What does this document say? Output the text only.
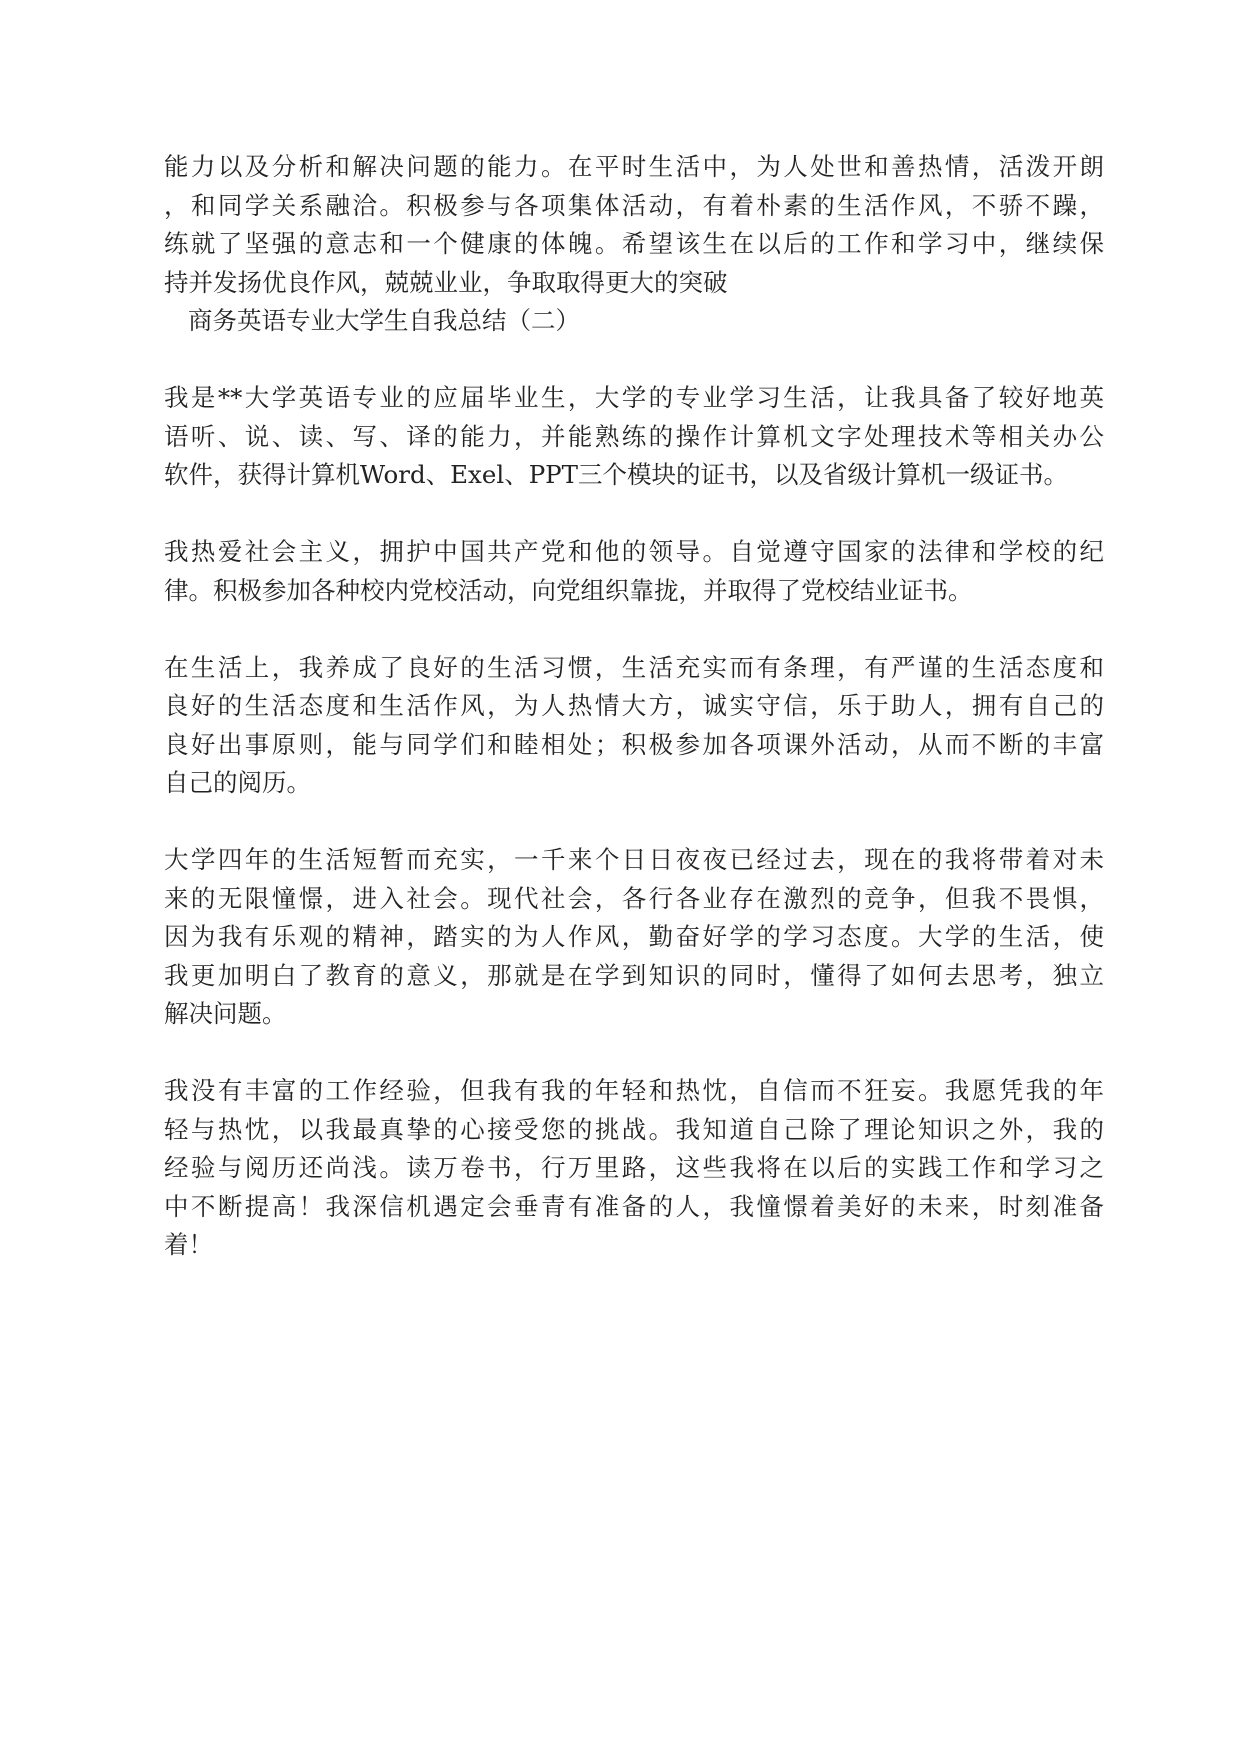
能力以及分析和解决问题的能力。在平时生活中，为人处世和善热情，活泼开朗
，和同学关系融洽。积极参与各项集体活动，有着朴素的生活作风，不骄不躁，
练就了坚强的意志和一个健康的体魄。希望该生在以后的工作和学习中，继续保
持并发扬优良作风，兢兢业业，争取取得更大的突破
商务英语专业大学生自我总结（二）
我是**大学英语专业的应届毕业生，大学的专业学习生活，让我具备了较好地英
语听、说、读、写、译的能力，并能熟练的操作计算机文字处理技术等相关办公
软件，获得计算机Word、Exel、PPT三个模块的证书，以及省级计算机一级证书。
我热爱社会主义，拥护中国共产党和他的领导。自觉遵守国家的法律和学校的纪
律。积极参加各种校内党校活动，向党组织靠拢，并取得了党校结业证书。
在生活上，我养成了良好的生活习惯，生活充实而有条理，有严谨的生活态度和
良好的生活态度和生活作风，为人热情大方，诚实守信，乐于助人，拥有自己的
良好出事原则，能与同学们和睦相处；积极参加各项课外活动，从而不断的丰富
自己的阅历。
大学四年的生活短暂而充实，一千来个日日夜夜已经过去，现在的我将带着对未
来的无限憧憬，进入社会。现代社会，各行各业存在激烈的竞争，但我不畏惧，
因为我有乐观的精神，踏实的为人作风，勤奋好学的学习态度。大学的生活，使
我更加明白了教育的意义，那就是在学到知识的同时，懂得了如何去思考，独立
解决问题。
我没有丰富的工作经验，但我有我的年轻和热忱，自信而不狂妄。我愿凭我的年
轻与热忱，以我最真挚的心接受您的挑战。我知道自己除了理论知识之外，我的
经验与阅历还尚浅。读万卷书，行万里路，这些我将在以后的实践工作和学习之
中不断提高！我深信机遇定会垂青有准备的人，我憧憬着美好的未来，时刻准备
着！
